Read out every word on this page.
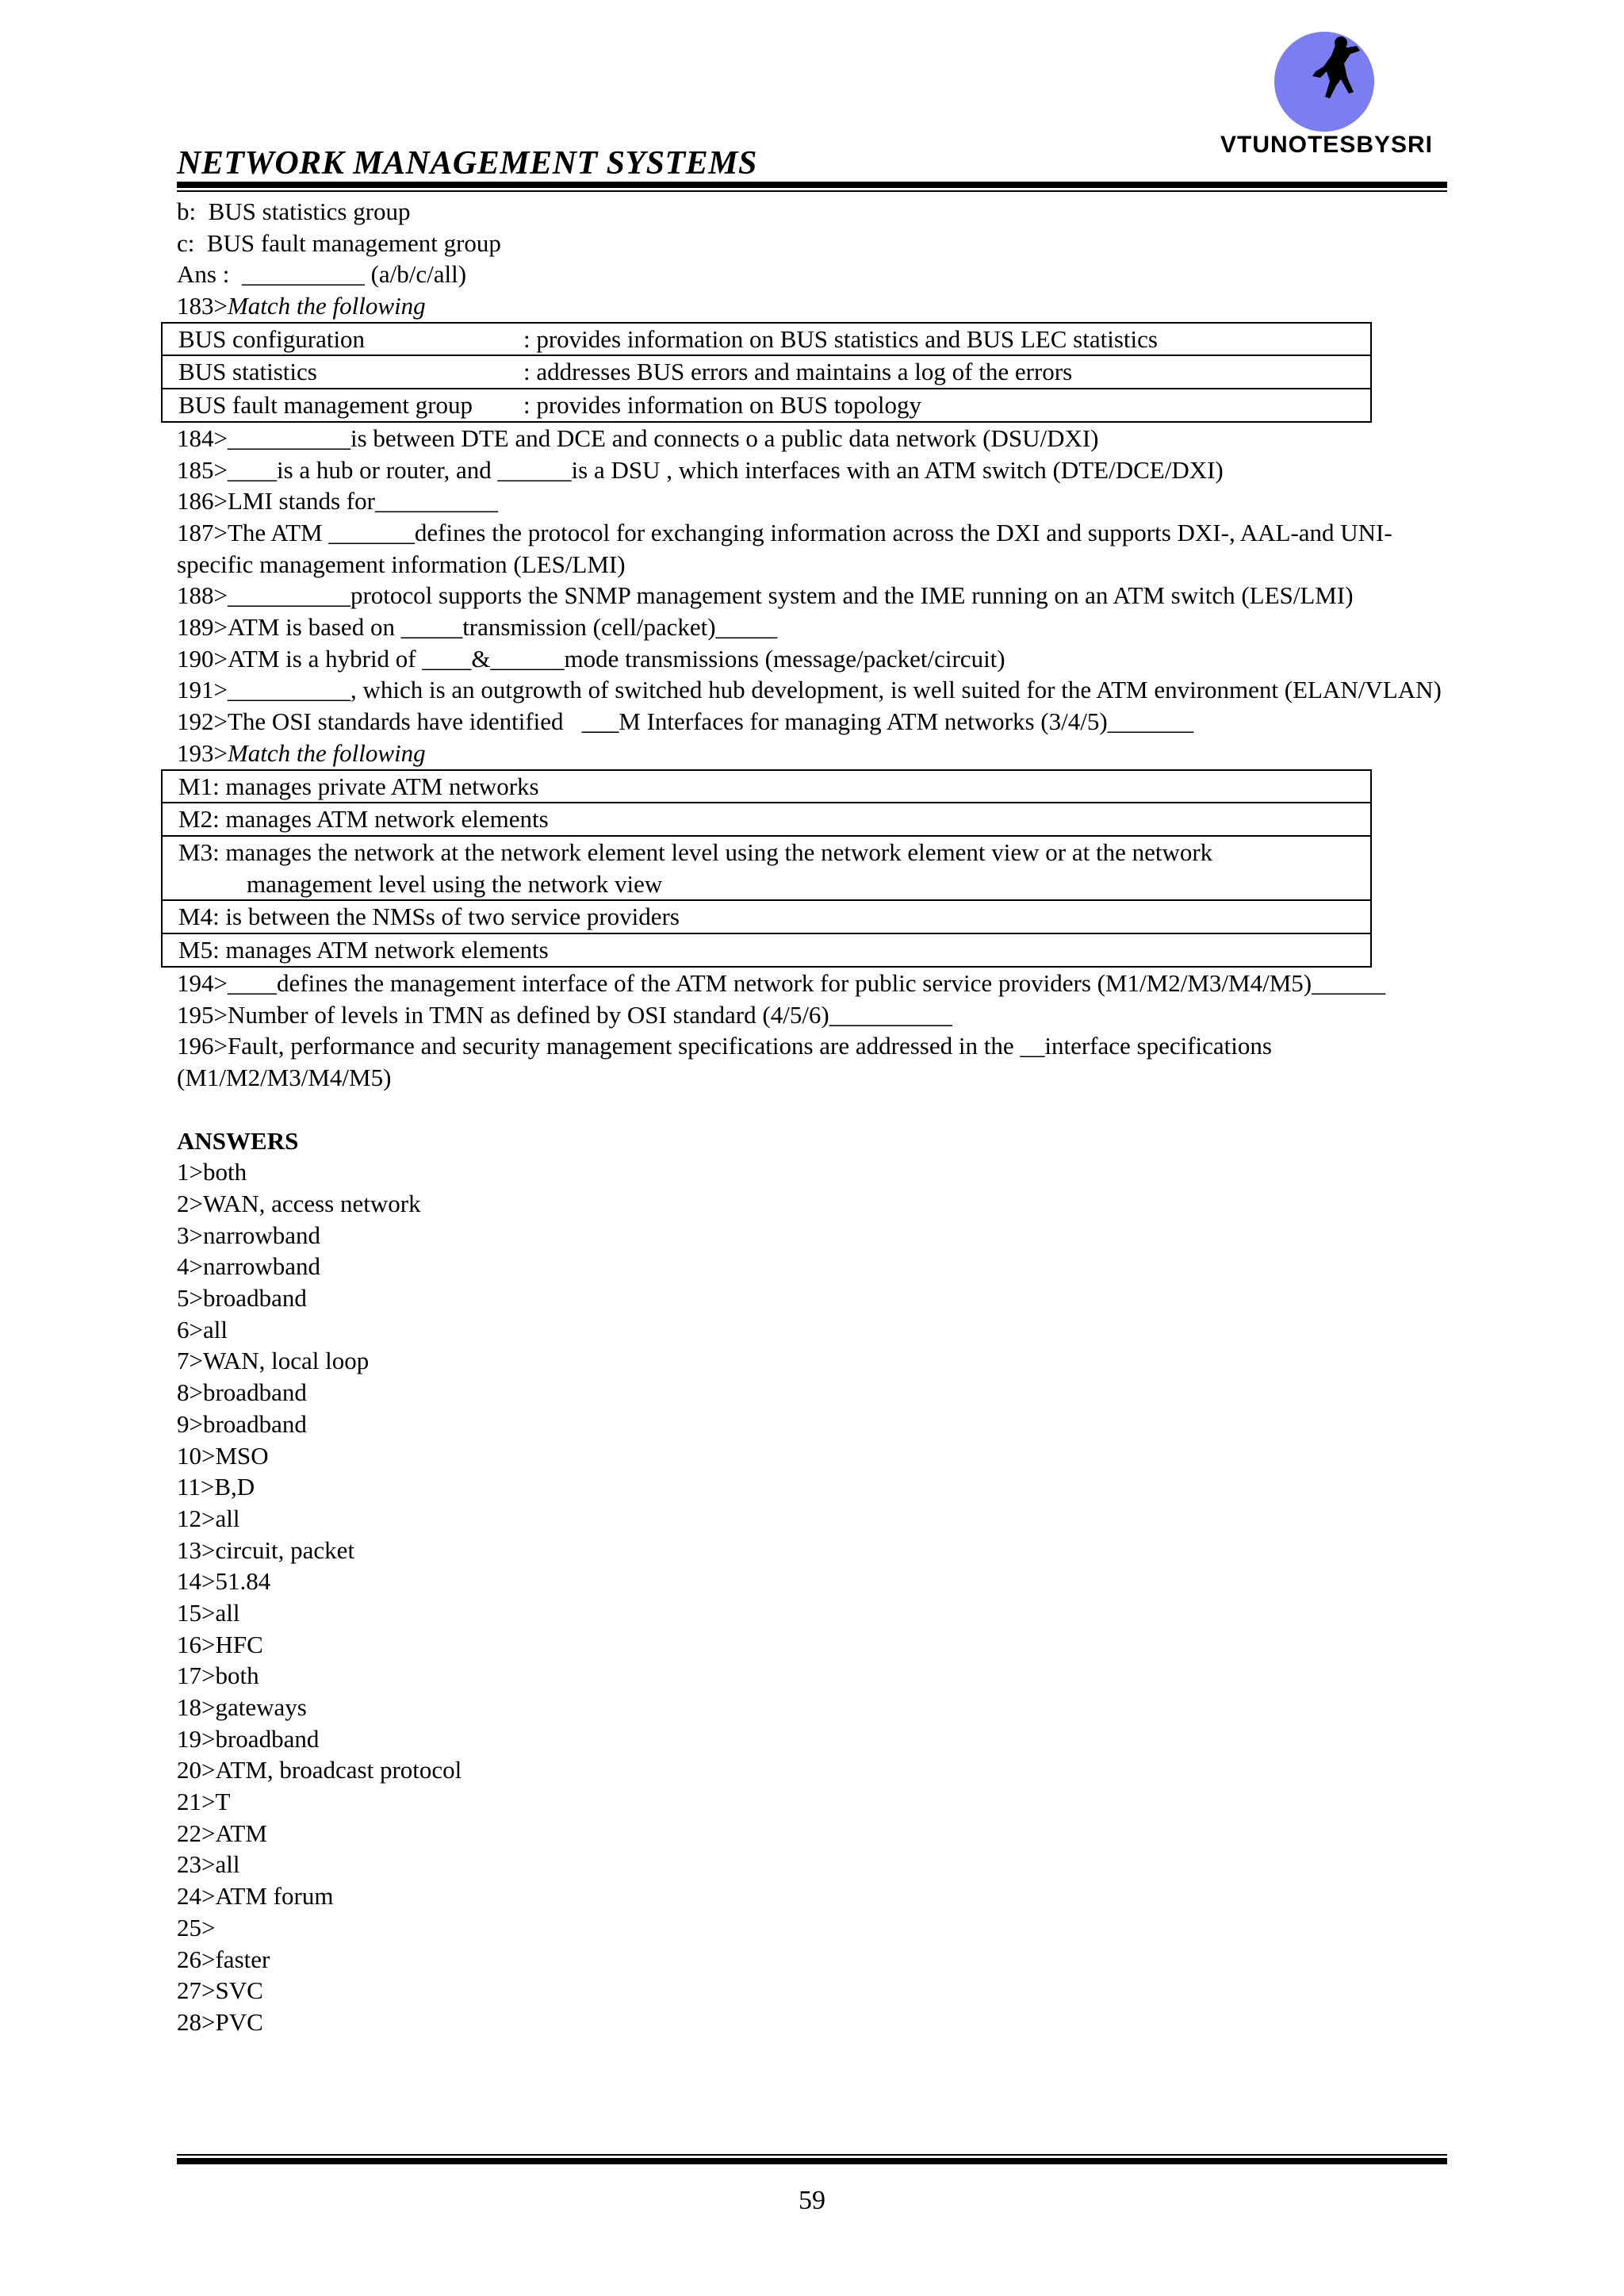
VTUNOTESBYSRI
NETWORK MANAGEMENT SYSTEMS
b:  BUS statistics group
c:  BUS fault management group
Ans :  __________ (a/b/c/all)
183>Match the following
BUS configuration	: provides information on BUS statistics and BUS LEC statistics
BUS statistics	: addresses BUS errors and maintains a log of the errors
BUS fault management group : provides information on BUS topology
184>__________is between DTE and DCE and connects o a public data network (DSU/DXI)
185>____is a hub or router, and ______is a DSU , which interfaces with an ATM switch (DTE/DCE/DXI)
186>LMI stands for__________
187>The ATM _______defines the protocol for exchanging information across the DXI and supports DXI-, AAL-and UNI-specific management information (LES/LMI)
188>__________protocol supports the SNMP management system and the IME running on an ATM switch (LES/LMI)
189>ATM is based on _____transmission (cell/packet)_____
190>ATM is a hybrid of ____&______mode transmissions (message/packet/circuit)
191>__________, which is an outgrowth of switched hub development, is well suited for the ATM environment (ELAN/VLAN)
192>The OSI standards have identified   ___M Interfaces for managing ATM networks (3/4/5)_______
193>Match the following
M1: manages private ATM networks
M2: manages ATM network elements

M3: manages the network at the network element level using the network element view or at the network
management level using the network view

M4: is between the NMSs of two service providers
M5: manages ATM network elements
194>____defines the management interface of the ATM network for public service providers (M1/M2/M3/M4/M5)______
195>Number of levels in TMN as defined by OSI standard (4/5/6)__________
196>Fault, performance and security management specifications are addressed in the __interface specifications (M1/M2/M3/M4/M5)
ANSWERS
1>both
2>WAN, access network
3>narrowband
4>narrowband
5>broadband
6>all
7>WAN, local loop
8>broadband
9>broadband
10>MSO
11>B,D
12>all
13>circuit, packet
14>51.84
15>all
16>HFC
17>both
18>gateways
19>broadband
20>ATM, broadcast protocol
21>T
22>ATM
23>all
24>ATM forum
25>
26>faster
27>SVC
28>PVC
59
